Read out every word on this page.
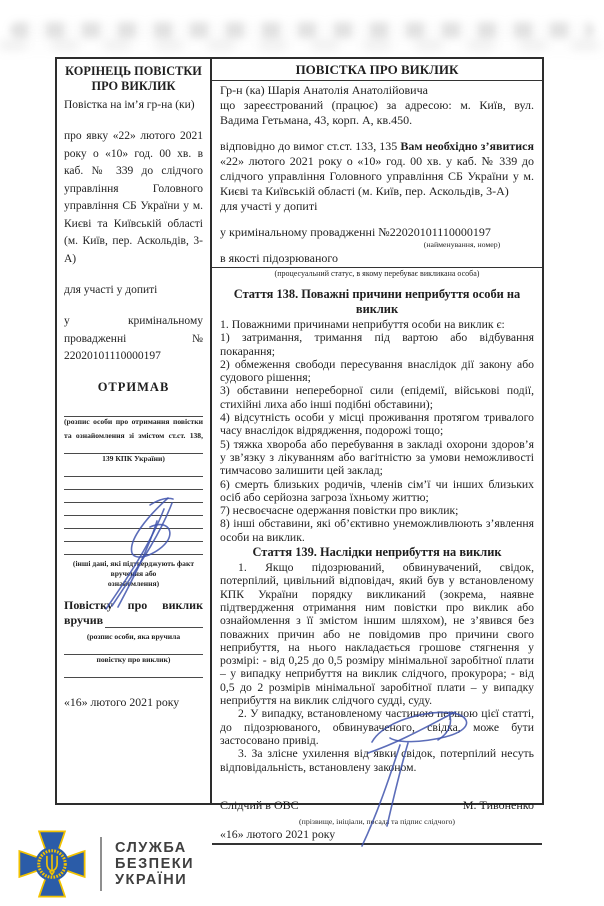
КОРІНЕЦЬ ПОВІСТКИ ПРО ВИКЛИК
Повістка на ім’я гр-на (ки)
про явку «22» лютого 2021 року о «10» год. 00 хв. в каб. № 339 до слідчого управління Головного управління СБ України у м. Києві та Київській області (м. Київ, пер. Аскольдів, 3-А)
для участі у допиті
у кримінальному провадженні № 22020101110000197
ОТРИМАВ
(розпис особи про отримання повістки
та ознайомлення зі змістом ст.ст. 138,
139 КПК України)
(інші дані, які підтверджують факт вручення або
ознайомлення)
Повістку про виклик
вручив
(розпис особи, яка вручила
повістку про виклик)
«16» лютого 2021 року
ПОВІСТКА ПРО ВИКЛИК
Гр-н (ка) Шарія Анатолія Анатолійовича
що зареєстрований (працює) за адресою: м. Київ, вул. Вадима Гетьмана, 43, корп. А, кв.450.
відповідно до вимог ст.ст. 133, 135 Вам необхідно з’явитися «22» лютого 2021 року о «10» год. 00 хв. у каб. № 339 до слідчого управління Головного управління СБ України у м. Києві та Київській області (м. Київ, пер. Аскольдів, 3-А)
для участі у допиті
у кримінальному провадженні №22020101110000197
(найменування, номер)
в якості підозрюваного
(процесуальний статус, в якому перебуває викликана особа)
Стаття 138. Поважні причини неприбуття особи на виклик
1. Поважними причинами неприбуття особи на виклик є:
1) затримання, тримання під вартою або відбування покарання;
2) обмеження свободи пересування внаслідок дії закону або судового рішення;
3) обставини непереборної сили (епідемії, військові події, стихійні лиха або інші подібні обставини);
4) відсутність особи у місці проживання протягом тривалого часу внаслідок відрядження, подорожі тощо;
5) тяжка хвороба або перебування в закладі охорони здоров’я у зв’язку з лікуванням або вагітністю за умови неможливості тимчасово залишити цей заклад;
6) смерть близьких родичів, членів сім’ї чи інших близьких осіб або серйозна загроза їхньому життю;
7) несвоєчасне одержання повістки про виклик;
8) інші обставини, які об’єктивно унеможливлюють з’явлення особи на виклик.
Стаття 139. Наслідки неприбуття на виклик
1. Якщо підозрюваний, обвинувачений, свідок, потерпілий, цивільний відповідач, який був у встановленому КПК України порядку викликаний (зокрема, наявне підтвердження отримання ним повістки про виклик або ознайомлення з її змістом іншим шляхом), не з’явився без поважних причин або не повідомив про причини свого неприбуття, на нього накладається грошове стягнення у розмірі: - від 0,25 до 0,5 розміру мінімальної заробітної плати – у випадку неприбуття на виклик слідчого, прокурора; - від 0,5 до 2 розмірів мінімальної заробітної плати – у випадку неприбуття на виклик слідчого судді, суду.
2. У випадку, встановленому частиною першою цієї статті, до підозрюваного, обвинуваченого, свідка, може бути застосовано привід.
3. За злісне ухилення від явки свідок, потерпілий несуть відповідальність, встановлену законом.
Слідчий в ОВС	М. Тивоненко
(прізвище, ініціали, посада та підпис слідчого)
«16» лютого 2021 року
СЛУЖБА
БЕЗПЕКИ
УКРАЇНИ
